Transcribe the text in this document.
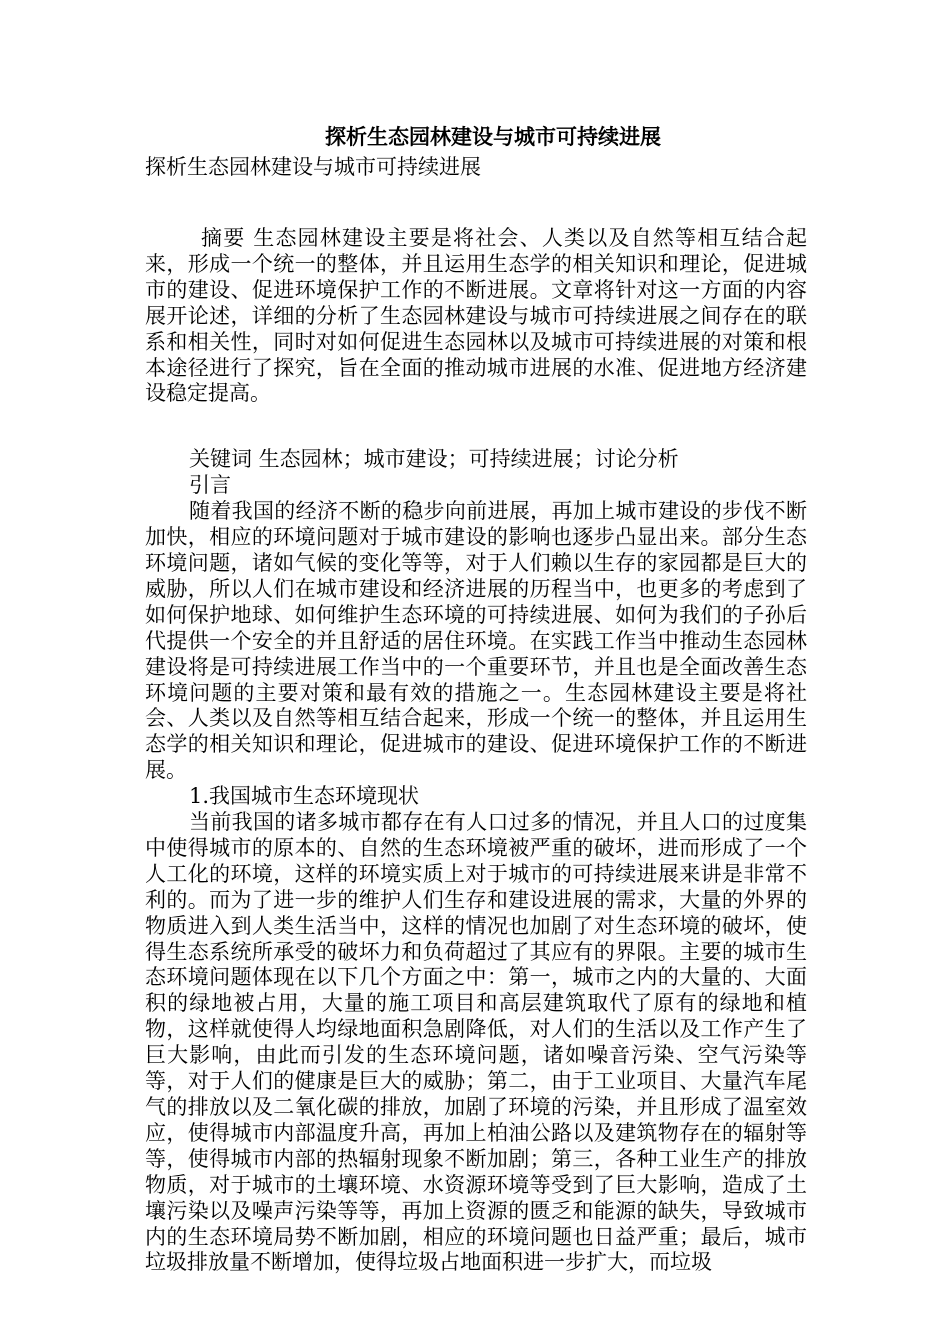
探析生态园林建设与城市可持续进展
探析生态园林建设与城市可持续进展

摘要 生态园林建设主要是将社会、人类以及自然等相互结合起来，形成一个统一的整体，并且运用生态学的相关知识和理论，促进城市的建设、促进环境保护工作的不断进展。文章将针对这一方面的内容展开论述，详细的分析了生态园林建设与城市可持续进展之间存在的联系和相关性，同时对如何促进生态园林以及城市可持续进展的对策和根本途径进行了探究，旨在全面的推动城市进展的水准、促进地方经济建设稳定提高。

关键词 生态园林；城市建设；可持续进展；讨论分析
引言

随着我国的经济不断的稳步向前进展，再加上城市建设的步伐不断加快，相应的环境问题对于城市建设的影响也逐步凸显出来。部分生态环境问题，诸如气候的变化等等，对于人们赖以生存的家园都是巨大的威胁，所以人们在城市建设和经济进展的历程当中，也更多的考虑到了如何保护地球、如何维护生态环境的可持续进展、如何为我们的子孙后代提供一个安全的并且舒适的居住环境。在实践工作当中推动生态园林建设将是可持续进展工作当中的一个重要环节，并且也是全面改善生态环境问题的主要对策和最有效的措施之一。生态园林建设主要是将社会、人类以及自然等相互结合起来，形成一个统一的整体，并且运用生态学的相关知识和理论，促进城市的建设、促进环境保护工作的不断进展。

1.我国城市生态环境现状

当前我国的诸多城市都存在有人口过多的情况，并且人口的过度集中使得城市的原本的、自然的生态环境被严重的破坏，进而形成了一个人工化的环境，这样的环境实质上对于城市的可持续进展来讲是非常不利的。而为了进一步的维护人们生存和建设进展的需求，大量的外界的物质进入到人类生活当中，这样的情况也加剧了对生态环境的破坏，使得生态系统所承受的破坏力和负荷超过了其应有的界限。主要的城市生态环境问题体现在以下几个方面之中：第一，城市之内的大量的、大面积的绿地被占用，大量的施工项目和高层建筑取代了原有的绿地和植物，这样就使得人均绿地面积急剧降低，对人们的生活以及工作产生了巨大影响，由此而引发的生态环境问题，诸如噪音污染、空气污染等等，对于人们的健康是巨大的威胁；第二，由于工业项目、大量汽车尾气的排放以及二氧化碳的排放，加剧了环境的污染，并且形成了温室效应，使得城市内部温度升高，再加上柏油公路以及建筑物存在的辐射等等，使得城市内部的热辐射现象不断加剧；第三，各种工业生产的排放物质，对于城市的土壤环境、水资源环境等受到了巨大影响，造成了土壤污染以及噪声污染等等，再加上资源的匮乏和能源的缺失，导致城市内的生态环境局势不断加剧，相应的环境问题也日益严重；最后，城市垃圾排放量不断增加，使得垃圾占地面积进一步扩大，而垃圾
